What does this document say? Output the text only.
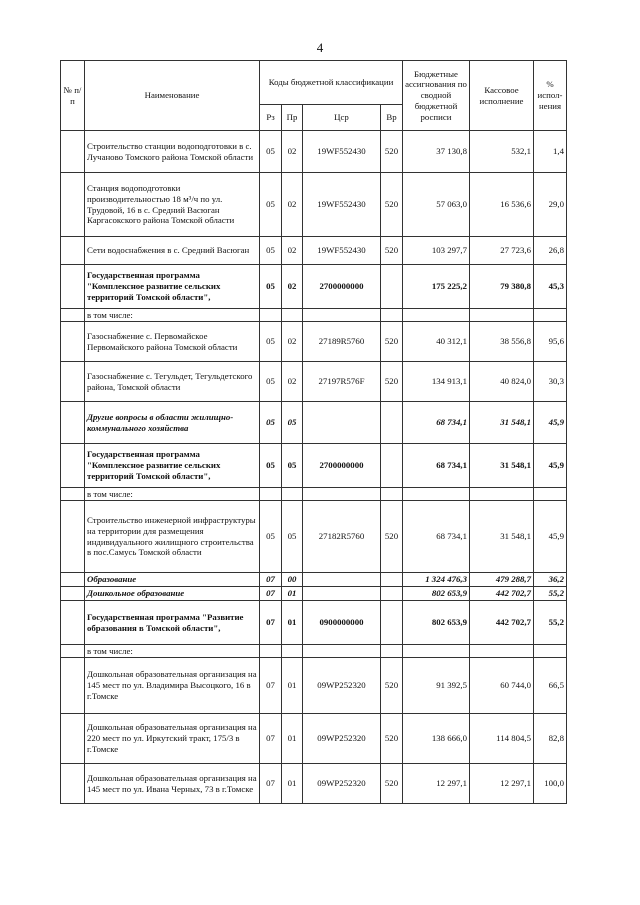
4
№ п/п	Наименование	Коды бюджетной классификации				Бюджетные ассигнования по сводной бюджетной росписи	Кассовое исполнение	% испол-нения
		Рз	Пр	Цср	Вр			
	Строительство станции водоподготовки в с. Лучаново Томского района Томской области	05	02	19WF552430	520	37 130,8	532,1	1,4
	Станция водоподготовки производительностью 18 м³/ч по ул. Трудовой, 16 в с. Средний Васюган Каргасокского района Томской области	05	02	19WF552430	520	57 063,0	16 536,6	29,0
	Сети водоснабжения в с. Средний Васюган	05	02	19WF552430	520	103 297,7	27 723,6	26,8
	Государственная программа "Комплексное развитие сельских территорий Томской области",	05	02	2700000000		175 225,2	79 380,8	45,3
	в том числе:							
	Газоснабжение с. Первомайское Первомайского района Томской области	05	02	27189R5760	520	40 312,1	38 556,8	95,6
	Газоснабжение с. Тегульдет, Тегульдетского района, Томской области	05	02	27197R576F	520	134 913,1	40 824,0	30,3
	Другие вопросы в области жилищно-коммунального хозяйства	05	05			68 734,1	31 548,1	45,9
	Государственная программа "Комплексное развитие сельских территорий Томской области",	05	05	2700000000		68 734,1	31 548,1	45,9
	в том числе:							
	Строительство инженерной инфраструктуры на территории для размещения индивидуального жилищного строительства в пос.Самусь Томской области	05	05	27182R5760	520	68 734,1	31 548,1	45,9
	Образование	07	00			1 324 476,3	479 288,7	36,2
	Дошкольное образование	07	01			802 653,9	442 702,7	55,2
	Государственная программа "Развитие образования в Томской области",	07	01	0900000000		802 653,9	442 702,7	55,2
	в том числе:							
	Дошкольная образовательная организация на 145 мест по ул. Владимира Высоцкого, 16 в г.Томске	07	01	09WP252320	520	91 392,5	60 744,0	66,5
	Дошкольная образовательная организация на 220 мест по ул. Иркутский тракт, 175/3 в г.Томске	07	01	09WP252320	520	138 666,0	114 804,5	82,8
	Дошкольная образовательная организация на 145 мест по ул. Ивана Черных, 73 в г.Томске	07	01	09WP252320	520	12 297,1	12 297,1	100,0
